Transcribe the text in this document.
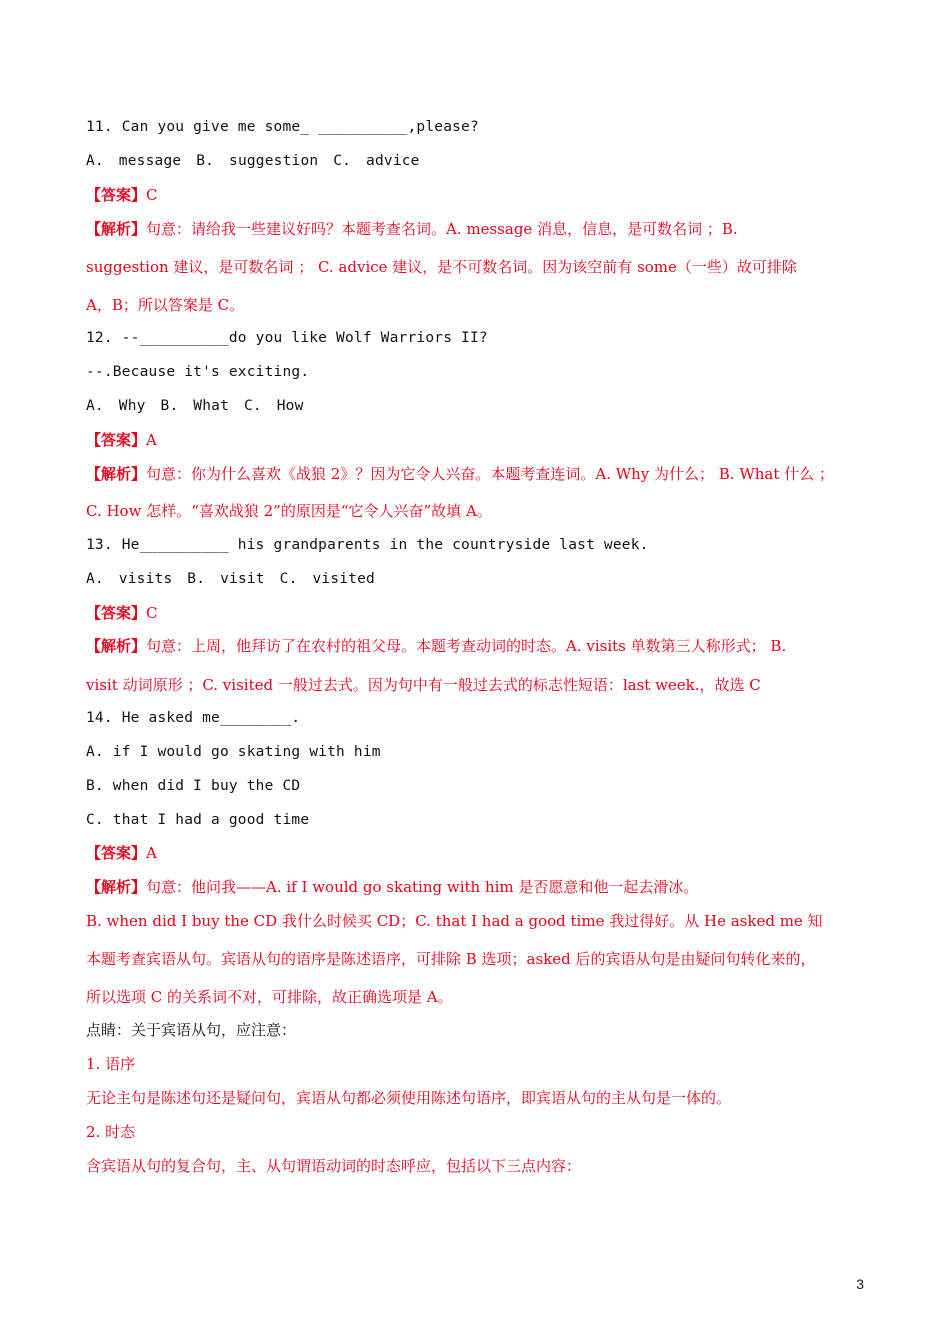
11. Can you give me some_ __________,please?
A. message B. suggestion C. advice
【答案】C
【解析】句意：请给我一些建议好吗？本题考查名词。A. message 消息，信息，是可数名词 ；B.
suggestion 建议，是可数名词 ； C. advice 建议，是不可数名词。因为该空前有 some（一些）故可排除
A，B；所以答案是 C。
12. --__________do you like Wolf Warriors II?
--.Because it's exciting.
A. Why B. What C. How
【答案】A
【解析】句意：你为什么喜欢《战狼 2》？因为它令人兴奋。本题考查连词。A. Why 为什么； B. What 什么 ；
C. How 怎样。“喜欢战狼 2”的原因是“它令人兴奋”故填 A。
13. He__________ his grandparents in the countryside last week.
A. visits B. visit C. visited
【答案】C
【解析】句意：上周，他拜访了在农村的祖父母。本题考查动词的时态。A. visits 单数第三人称形式； B.
visit 动词原形 ；C. visited 一般过去式。因为句中有一般过去式的标志性短语：last week.，故选 C
14. He asked me________.
A. if I would go skating with him
B. when did I buy the CD
C. that I had a good time
【答案】A
【解析】句意：他问我——A. if I would go skating with him 是否愿意和他一起去滑冰。
B. when did I buy the CD 我什么时候买 CD；C. that I had a good time 我过得好。从 He asked me 知
本题考查宾语从句。宾语从句的语序是陈述语序，可排除 B 选项；asked 后的宾语从句是由疑问句转化来的，
所以选项 C 的关系词不对，可排除，故正确选项是 A。
点睛：关于宾语从句，应注意：
1. 语序
无论主句是陈述句还是疑问句，宾语从句都必须使用陈述句语序，即宾语从句的主从句是一体的。
2. 时态
含宾语从句的复合句，主、从句谓语动词的时态呼应，包括以下三点内容：
3
